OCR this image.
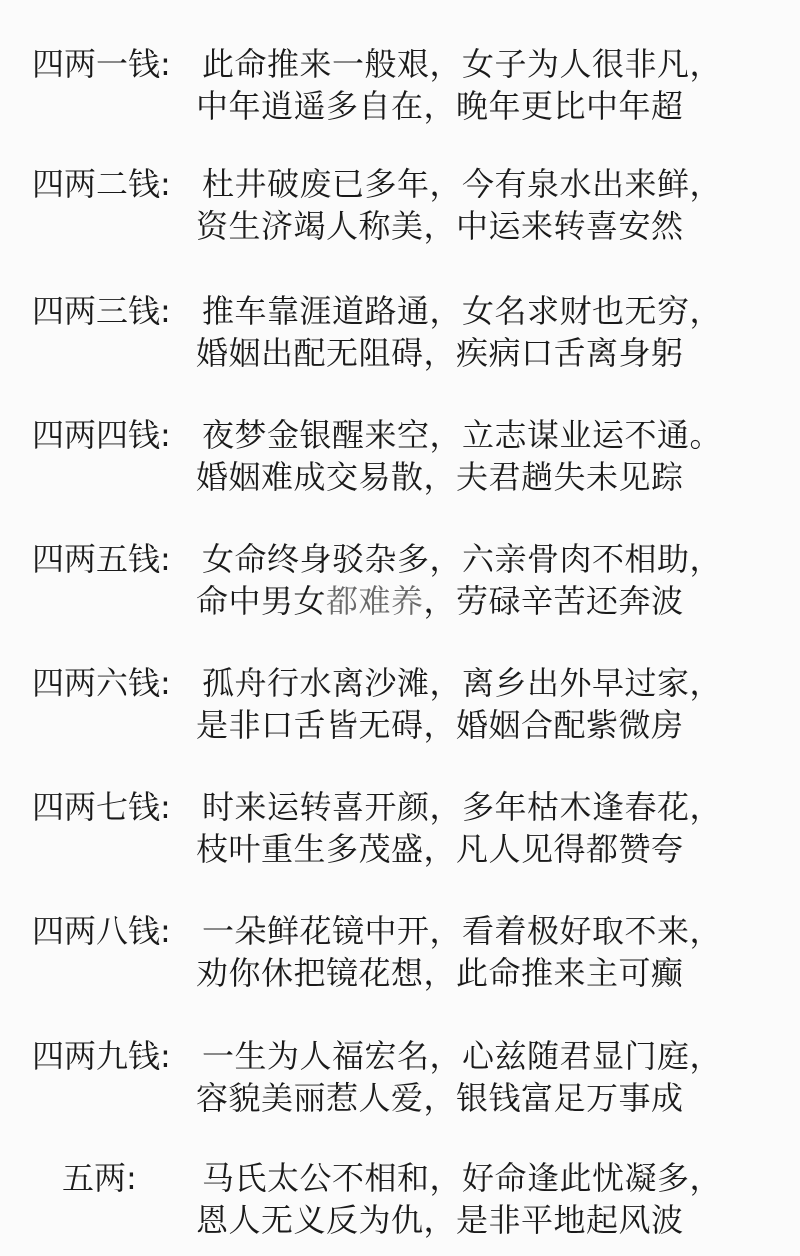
四两一钱: 此命推来一般艰，女子为人很非凡，
中年逍遥多自在，晚年更比中年超
四两二钱: 杜井破废已多年，今有泉水出来鲜，
资生济竭人称美，中运来转喜安然
四两三钱: 推车靠涯道路通，女名求财也无穷，
婚姻出配无阻碍，疾病口舌离身躬
四两四钱: 夜梦金银醒来空，立志谋业运不通。
婚姻难成交易散，夫君趟失未见踪
四两五钱: 女命终身驳杂多，六亲骨肉不相助，
命中男女都难养，劳碌辛苦还奔波
四两六钱: 孤舟行水离沙滩，离乡出外早过家，
是非口舌皆无碍，婚姻合配紫微房
四两七钱: 时来运转喜开颜，多年枯木逢春花，
枝叶重生多茂盛，凡人见得都赞夸
四两八钱: 一朵鲜花镜中开，看着极好取不来，
劝你休把镜花想，此命推来主可癫
四两九钱: 一生为人福宏名，心兹随君显门庭，
容貌美丽惹人爱，银钱富足万事成
五两:	马氏太公不相和，好命逢此忧凝多，
恩人无义反为仇，是非平地起风波
